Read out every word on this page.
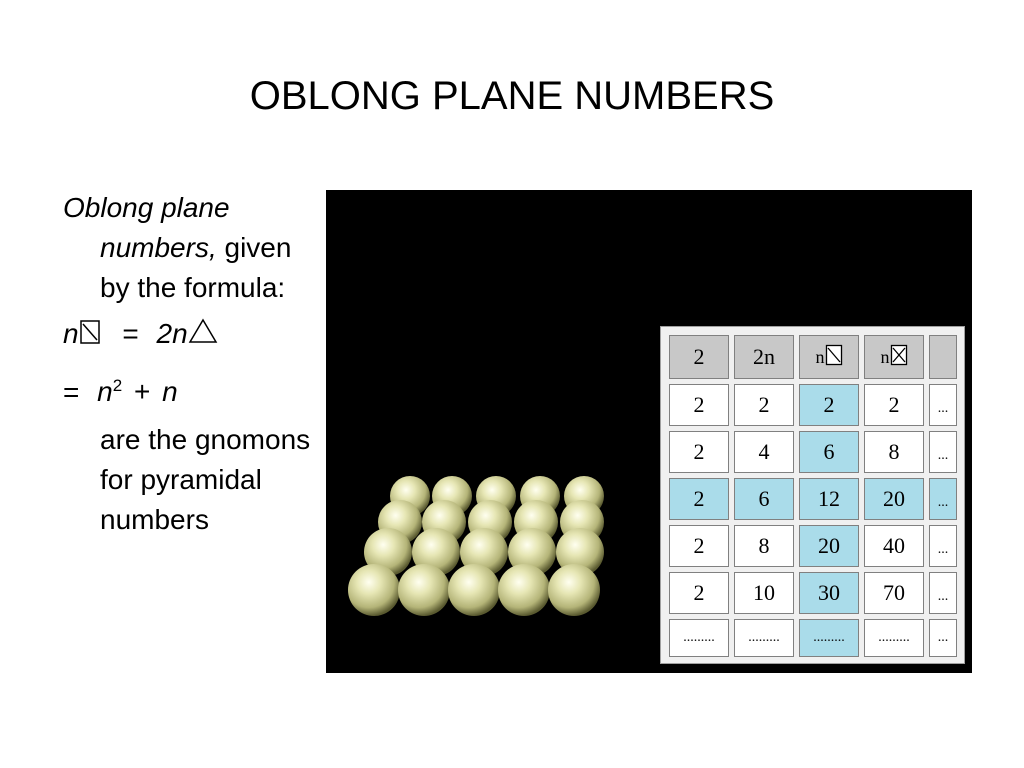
OBLONG PLANE NUMBERS
Oblong plane numbers, given by the formula:
n = 2n
= $n^2 + n$
are the gnomons for pyramidal numbers
2	2n	n	n
2	2	2	2	...
2	4	6	8	...
2	6	12	20	...
2	8	20	40	...
2	10	30	70	...
.........	.........	.........	.........	...
